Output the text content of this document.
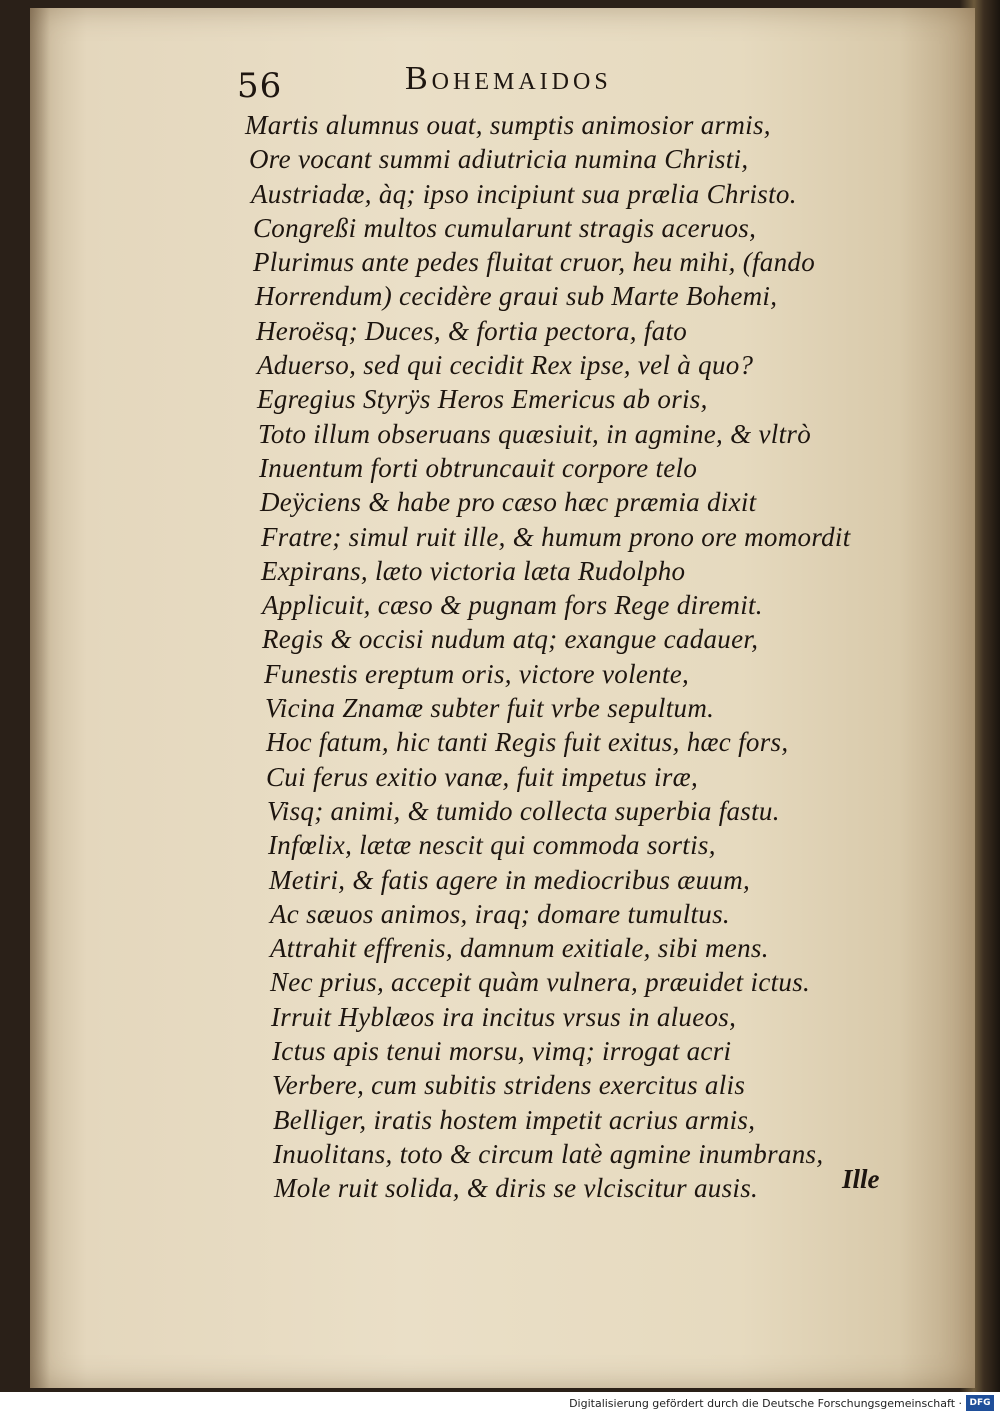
56	Bohemaidos
Martis alumnus ouat, sumptis animosior armis,
Ore vocant summi adiutricia numina Christi,
Austriadæ, àq; ipso incipiunt sua prælia Christo.
Congreßi multos cumularunt stragis aceruos,
Plurimus ante pedes fluitat cruor, heu mihi, (fando
Horrendum) cecidère graui sub Marte Bohemi,
Heroësq; Duces, & fortia pectora, fato
Aduerso, sed qui cecidit Rex ipse, vel à quo?
Egregius Styrÿs Heros Emericus ab oris,
Toto illum obseruans quæsiuit, in agmine, & vltrò
Inuentum forti obtruncauit corpore telo
Deÿciens & habe pro cæso hæc præmia dixit
Fratre; simul ruit ille, & humum prono ore momordit
Expirans, læto victoria læta Rudolpho
Applicuit, cæso & pugnam fors Rege diremit.
Regis & occisi nudum atq; exangue cadauer,
Funestis ereptum oris, victore volente,
Vicina Znamæ subter fuit vrbe sepultum.
Hoc fatum, hic tanti Regis fuit exitus, hæc fors,
Cui ferus exitio vanæ, fuit impetus iræ,
Visq; animi, & tumido collecta superbia fastu.
Infœlix, lætæ nescit qui commoda sortis,
Metiri, & fatis agere in mediocribus æuum,
Ac sæuos animos, iraq; domare tumultus.
Attrahit effrenis, damnum exitiale, sibi mens.
Nec prius, accepit quàm vulnera, præuidet ictus.
Irruit Hyblæos ira incitus vrsus in alueos,
Ictus apis tenui morsu, vimq; irrogat acri
Verbere, cum subitis stridens exercitus alis
Belliger, iratis hostem impetit acrius armis,
Inuolitans, toto & circum latè agmine inumbrans,
Mole ruit solida, & diris se vlciscitur ausis.	Ille
Digitalisierung gefördert durch die Deutsche Forschungsgemeinschaft · DFG
